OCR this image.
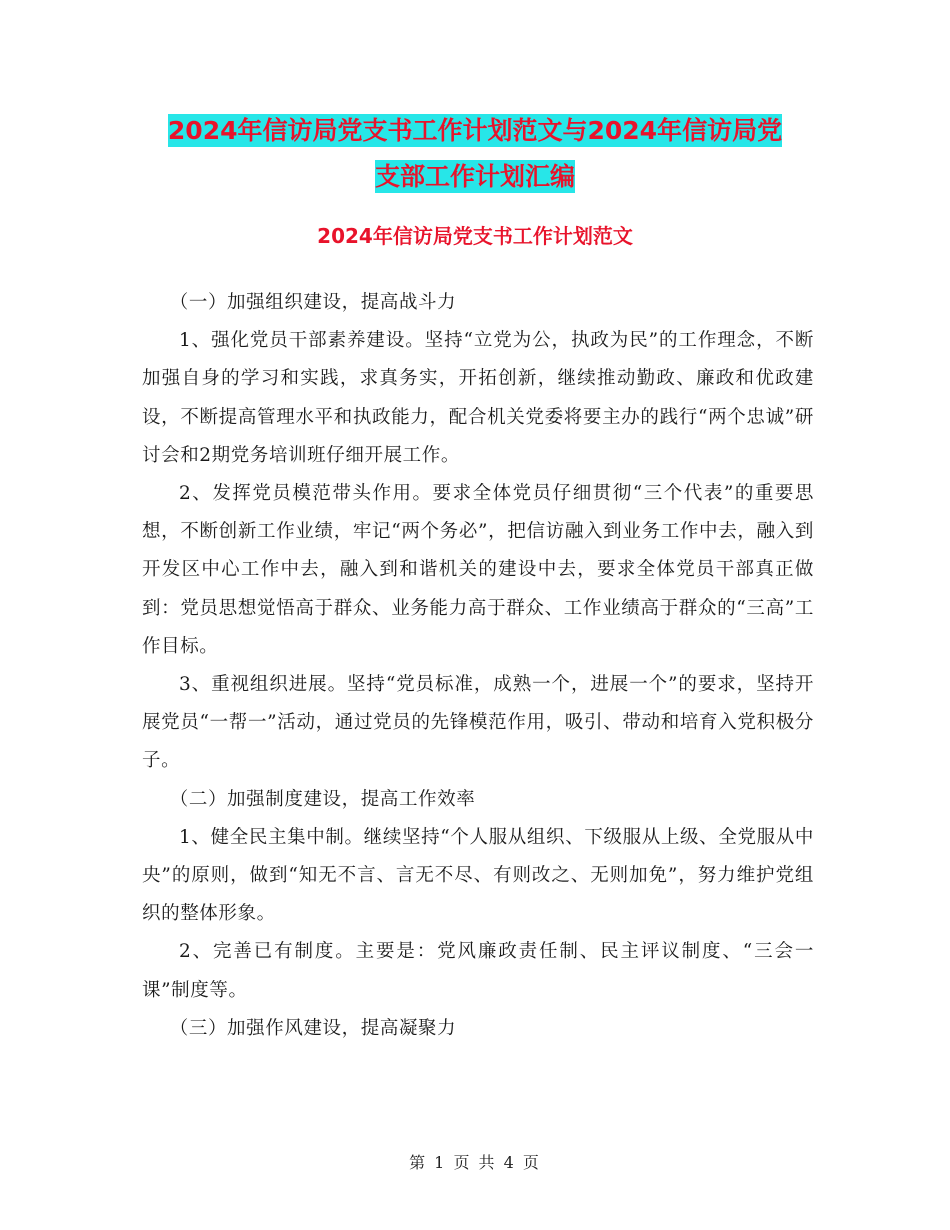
2024年信访局党支书工作计划范文与2024年信访局党
支部工作计划汇编
2024年信访局党支书工作计划范文

（一）加强组织建设，提高战斗力

1、强化党员干部素养建设。坚持“立党为公，执政为民”的工作理念，不断加强自身的学习和实践，求真务实，开拓创新，继续推动勤政、廉政和优政建设，不断提高管理水平和执政能力，配合机关党委将要主办的践行“两个忠诚”研讨会和2期党务培训班仔细开展工作。

2、发挥党员模范带头作用。要求全体党员仔细贯彻“三个代表”的重要思想，不断创新工作业绩，牢记“两个务必”，把信访融入到业务工作中去，融入到开发区中心工作中去，融入到和谐机关的建设中去，要求全体党员干部真正做到：党员思想觉悟高于群众、业务能力高于群众、工作业绩高于群众的“三高”工作目标。

3、重视组织进展。坚持“党员标准，成熟一个，进展一个”的要求，坚持开展党员“一帮一”活动，通过党员的先锋模范作用，吸引、带动和培育入党积极分子。

（二）加强制度建设，提高工作效率

1、健全民主集中制。继续坚持“个人服从组织、下级服从上级、全党服从中央”的原则，做到“知无不言、言无不尽、有则改之、无则加免”，努力维护党组织的整体形象。

2、完善已有制度。主要是：党风廉政责任制、民主评议制度、“三会一课”制度等。

（三）加强作风建设，提高凝聚力

第 1 页 共 4 页
